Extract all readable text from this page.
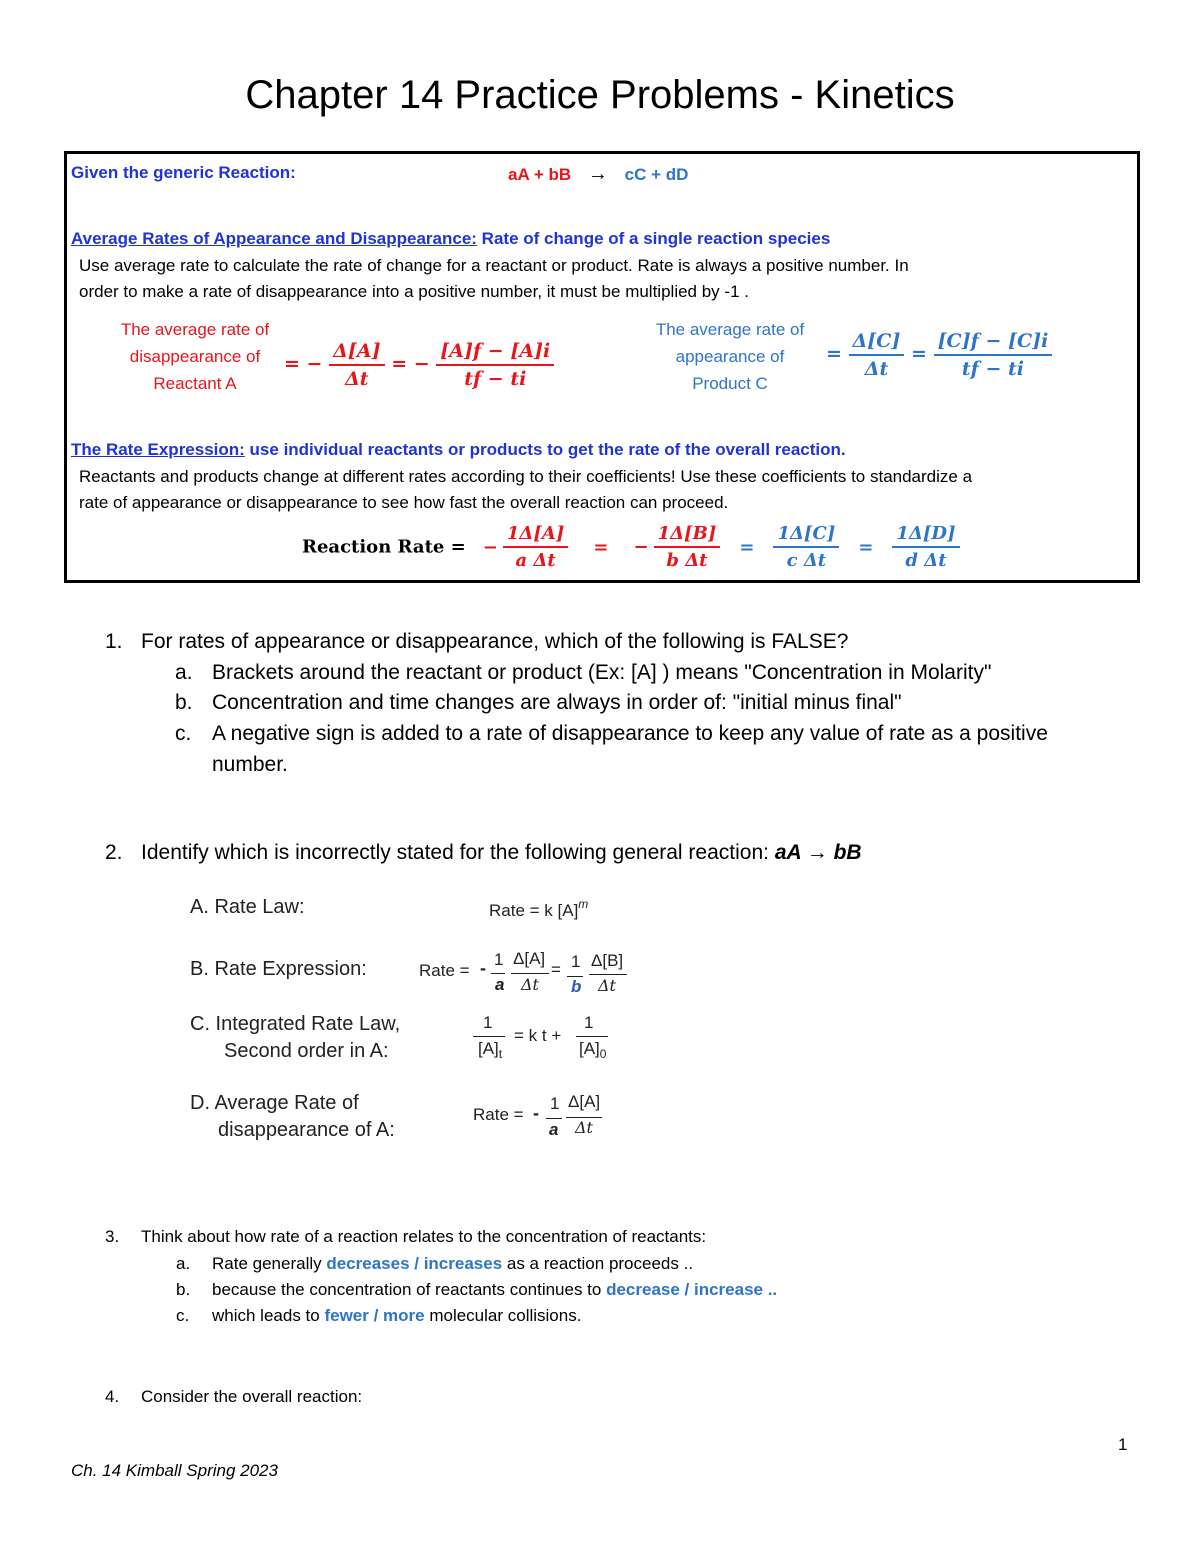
Chapter 14 Practice Problems - Kinetics
Given the generic Reaction:	aA + bB → cC + dD
Average Rates of Appearance and Disappearance: Rate of change of a single reaction species
Use average rate to calculate the rate of change for a reactant or product. Rate is always a positive number. In
order to make a rate of disappearance into a positive number, it must be multiplied by -1 .
The average rate of
disappearance of
Reactant A
= − $\frac{\Delta[A]}{\Delta t}$ = − $\frac{[A]f - [A]i}{tf - ti}$
The average rate of
appearance of
Product C
= $\frac{\Delta[C]}{\Delta t} = \frac{[C]f - [C]i}{tf - ti}$
The Rate Expression: use individual reactants or products to get the rate of the overall reaction.
Reactants and products change at different rates according to their coefficients! Use these coefficients to standardize a
rate of appearance or disappearance to see how fast the overall reaction can proceed.
Reaction Rate = − $\frac{1\Delta[A]}{\text{a Δt}}$ = − $\frac{1\Delta[B]}{\text{b Δt}} = \frac{1\Delta[C]}{\text{c Δt}} = \frac{1\Delta[D]}{\text{d Δt}}$
1. For rates of appearance or disappearance, which of the following is FALSE?
a. Brackets around the reactant or product (Ex: [A] ) means "Concentration in Molarity"
b. Concentration and time changes are always in order of: "initial minus final"
c. A negative sign is added to a rate of disappearance to keep any value of rate as a positive
number.
2. Identify which is incorrectly stated for the following general reaction: aA → bB
A. Rate Law:	Rate = k $[A]^m$
B. Rate Expression:	Rate = - 1
a
Δ[A]
Δt
= 1
b
Δ[B]
Δt
C. Integrated Rate Law,
Second order in A:
1
$[A]_t$
= k t +
1
$[A]_0$
D. Average Rate of
disappearance of A:
Rate = - 1
a
Δ[A]
Δt
3. Think about how rate of a reaction relates to the concentration of reactants:
a. Rate generally decreases / increases as a reaction proceeds ..
b. because the concentration of reactants continues to decrease / increase ..
c. which leads to fewer / more molecular collisions.
4. Consider the overall reaction:
1
Ch. 14 Kimball Spring 2023
